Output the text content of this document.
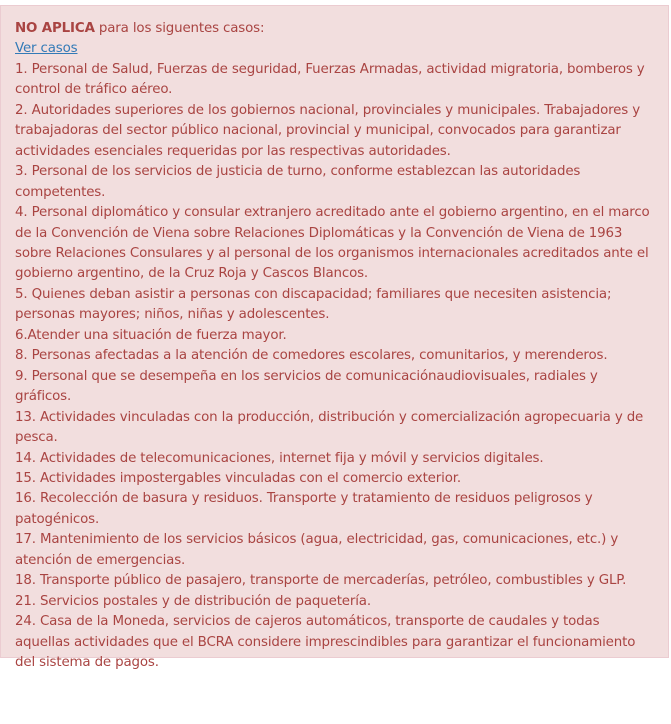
NO APLICA para los siguentes casos:

Ver casos

1. Personal de Salud, Fuerzas de seguridad, Fuerzas Armadas, actividad migratoria, bomberos y control de tráfico aéreo.
2. Autoridades superiores de los gobiernos nacional, provinciales y municipales. Trabajadores y trabajadoras del sector público nacional, provincial y municipal, convocados para garantizar actividades esenciales requeridas por las respectivas autoridades.
3. Personal de los servicios de justicia de turno, conforme establezcan las autoridades competentes.
4. Personal diplomático y consular extranjero acreditado ante el gobierno argentino, en el marco de la Convención de Viena sobre Relaciones Diplomáticas y la Convención de Viena de 1963 sobre Relaciones Consulares y al personal de los organismos internacionales acreditados ante el gobierno argentino, de la Cruz Roja y Cascos Blancos.
5. Quienes deban asistir a personas con discapacidad; familiares que necesiten asistencia; personas mayores; niños, niñas y adolescentes.
6.Atender una situación de fuerza mayor.
8. Personas afectadas a la atención de comedores escolares, comunitarios, y merenderos.
9. Personal que se desempeña en los servicios de comunicaciónaudiovisuales, radiales y gráficos.
13. Actividades vinculadas con la producción, distribución y comercialización agropecuaria y de pesca.
14. Actividades de telecomunicaciones, internet fija y móvil y servicios digitales.
15. Actividades impostergables vinculadas con el comercio exterior.
16. Recolección de basura y residuos. Transporte y tratamiento de residuos peligrosos y patogénicos.
17. Mantenimiento de los servicios básicos (agua, electricidad, gas, comunicaciones, etc.) y atención de emergencias.
18. Transporte público de pasajero, transporte de mercaderías, petróleo, combustibles y GLP.
21. Servicios postales y de distribución de paquetería.
24. Casa de la Moneda, servicios de cajeros automáticos, transporte de caudales y todas aquellas actividades que el BCRA considere imprescindibles para garantizar el funcionamiento del sistema de pagos.
